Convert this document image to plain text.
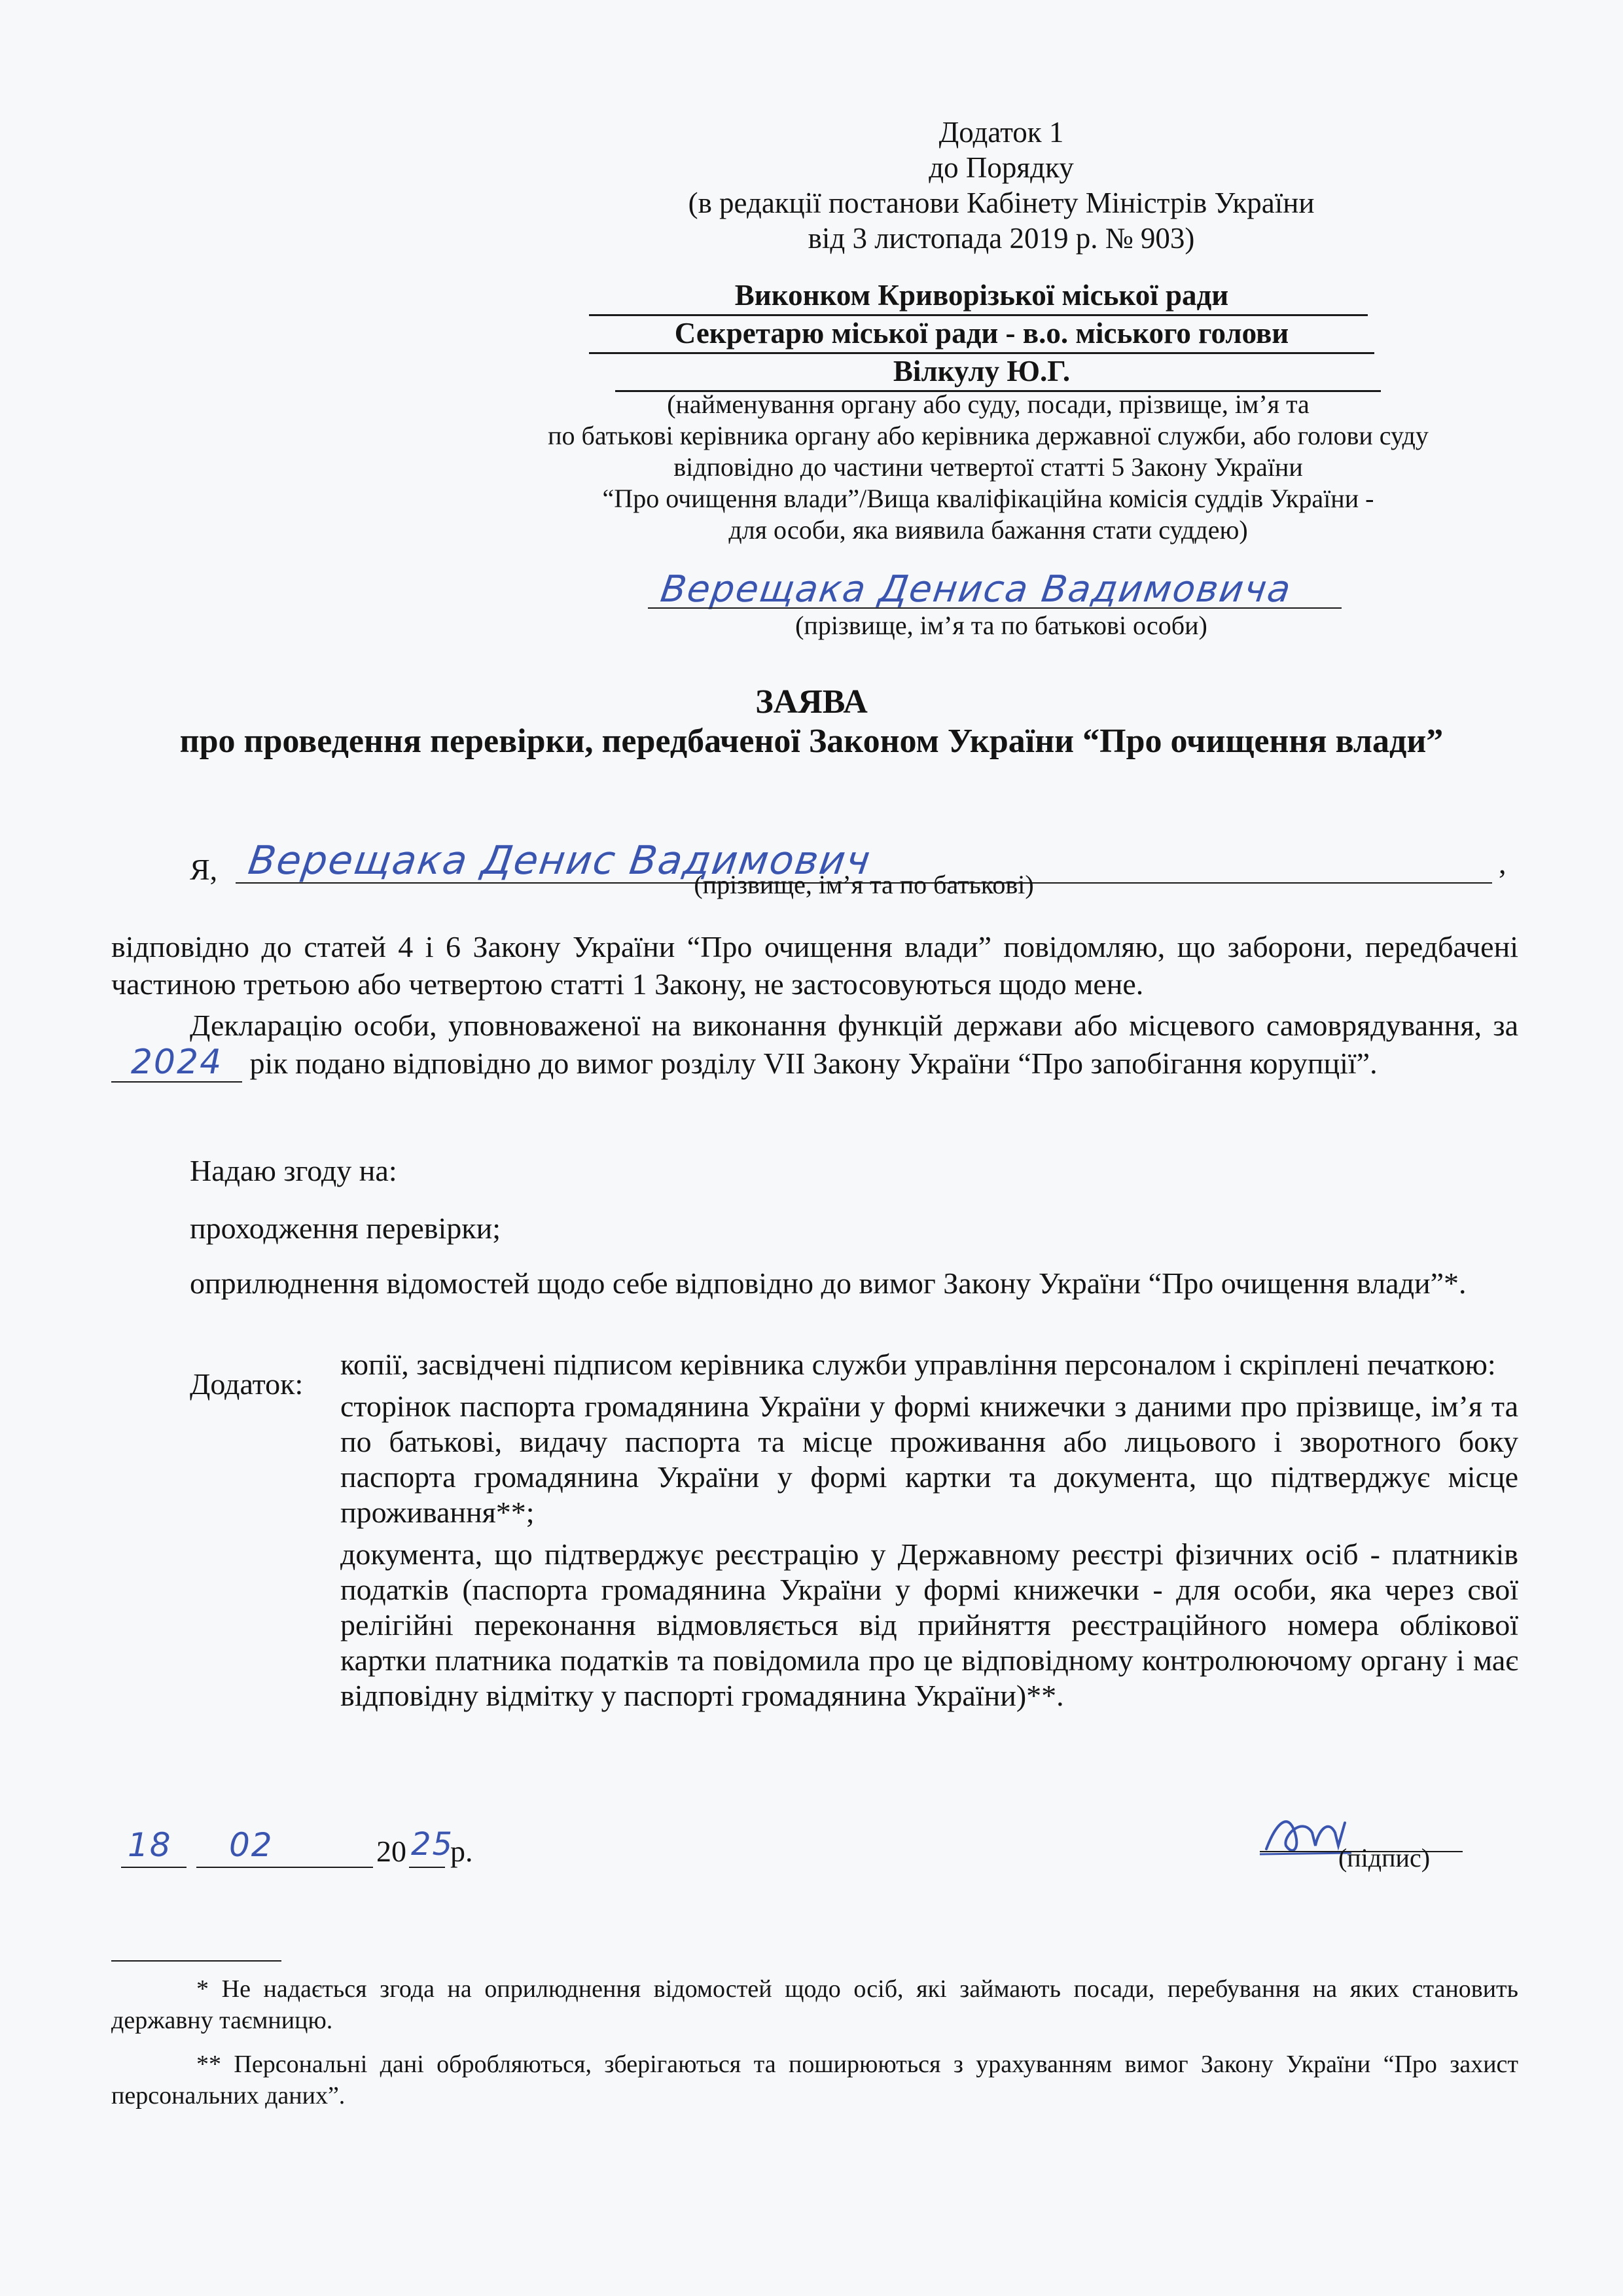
Додаток 1
до Порядку
(в редакції постанови Кабінету Міністрів України
від 3 листопада 2019 р. № 903)
Виконком Криворізької міської ради
Секретарю міської ради - в.о. міського голови
Вілкулу Ю.Г.
(найменування органу або суду, посади, прізвище, ім’я та
по батькові керівника органу або керівника державної служби, або голови суду
відповідно до частини четвертої статті 5 Закону України
“Про очищення влади”/Вища кваліфікаційна комісія суддів України -
для особи, яка виявила бажання стати суддею)
Верещака Дениса Вадимовича
(прізвище, ім’я та по батькові особи)
ЗАЯВА
про проведення перевірки, передбаченої Законом України “Про очищення влади”
Я, Верещака Денис Вадимович	,
(прізвище, ім’я та по батькові)
відповідно до статей 4 і 6 Закону України “Про очищення влади” повідомляю, що заборони, передбачені частиною третьою або четвертою статті 1 Закону, не застосовуються щодо мене.
Декларацію особи, уповноваженої на виконання функцій держави або місцевого самоврядування, за 2024 рік подано відповідно до вимог розділу VII Закону України “Про запобігання корупції”.
Надаю згоду на:
проходження перевірки;
оприлюднення відомостей щодо себе відповідно до вимог Закону України “Про очищення влади”*.
Додаток:
копії, засвідчені підписом керівника служби управління персоналом і скріплені печаткою:
сторінок паспорта громадянина України у формі книжечки з даними про прізвище, ім’я та по батькові, видачу паспорта та місце проживання або лицьового і зворотного боку паспорта громадянина України у формі картки та документа, що підтверджує місце проживання**;
документа, що підтверджує реєстрацію у Державному реєстрі фізичних осіб - платників податків (паспорта громадянина України у формі книжечки - для особи, яка через свої релігійні переконання відмовляється від прийняття реєстраційного номера облікової картки платника податків та повідомила про це відповідному контролюючому органу і має відповідну відмітку у паспорті громадянина України)**.
18 02	20 25
р.	(підпис)
* Не надається згода на оприлюднення відомостей щодо осіб, які займають посади, перебування на яких становить державну таємницю.
** Персональні дані обробляються, зберігаються та поширюються з урахуванням вимог Закону України “Про захист персональних даних”.
